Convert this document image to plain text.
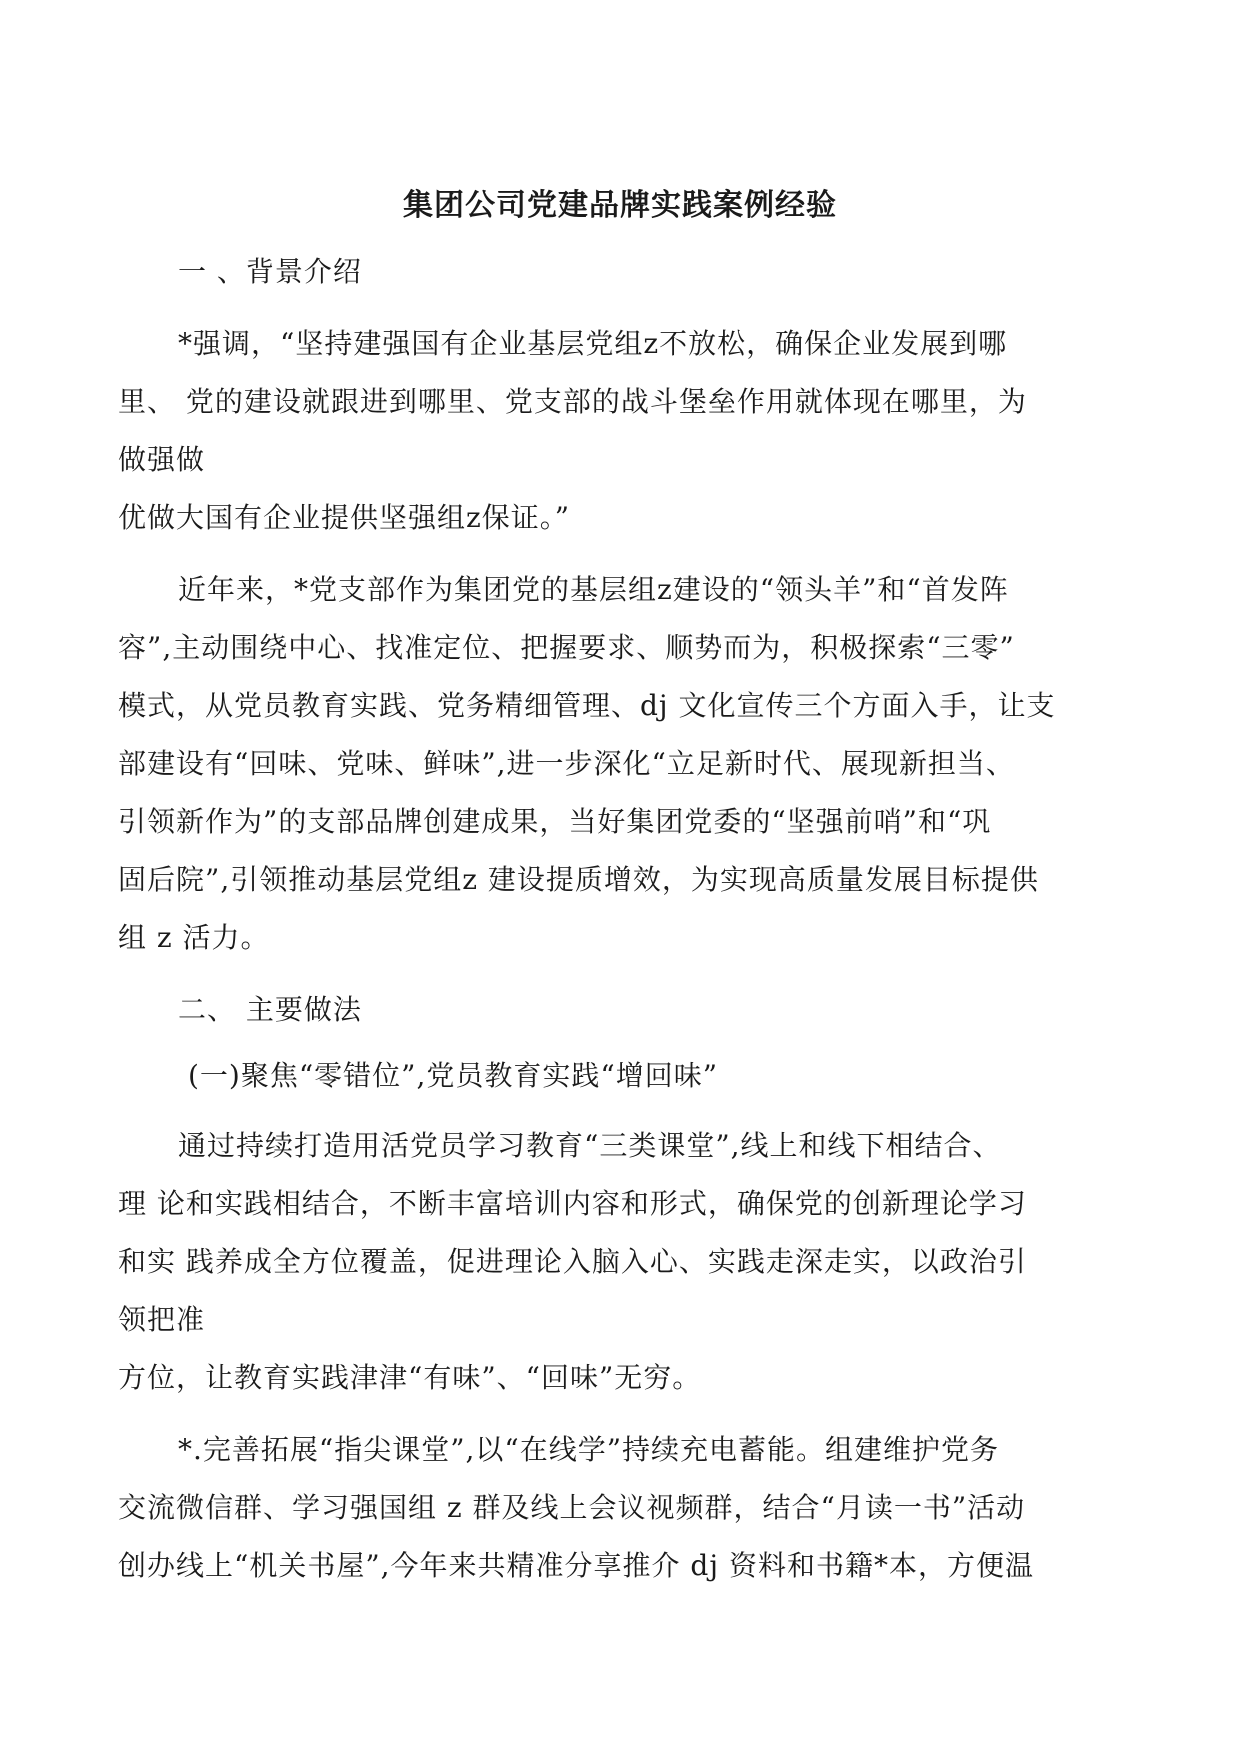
集团公司党建品牌实践案例经验
一 、背景介绍
*强调，“坚持建强国有企业基层党组z不放松，确保企业发展到哪
里、 党的建设就跟进到哪里、党支部的战斗堡垒作用就体现在哪里，为
做强做
优做大国有企业提供坚强组z保证。”
近年来，*党支部作为集团党的基层组z建设的“领头羊”和“首发阵
容”,主动围绕中心、找准定位、把握要求、顺势而为，积极探索“三零”
模式，从党员教育实践、党务精细管理、dj 文化宣传三个方面入手，让支
部建设有“回味、党味、鲜味”,进一步深化“立足新时代、展现新担当、
引领新作为”的支部品牌创建成果，当好集团党委的“坚强前哨”和“巩
固后院”,引领推动基层党组z 建设提质增效，为实现高质量发展目标提供
组 z 活力。
二、 主要做法
(一)聚焦“零错位”,党员教育实践“增回味”
通过持续打造用活党员学习教育“三类课堂”,线上和线下相结合、
理 论和实践相结合，不断丰富培训内容和形式，确保党的创新理论学习
和实 践养成全方位覆盖，促进理论入脑入心、实践走深走实，以政治引
领把准
方位，让教育实践津津“有味”、“回味”无穷。
*.完善拓展“指尖课堂”,以“在线学”持续充电蓄能。组建维护党务
交流微信群、学习强国组 z 群及线上会议视频群，结合“月读一书”活动
创办线上“机关书屋”,今年来共精准分享推介 dj 资料和书籍*本，方便温
